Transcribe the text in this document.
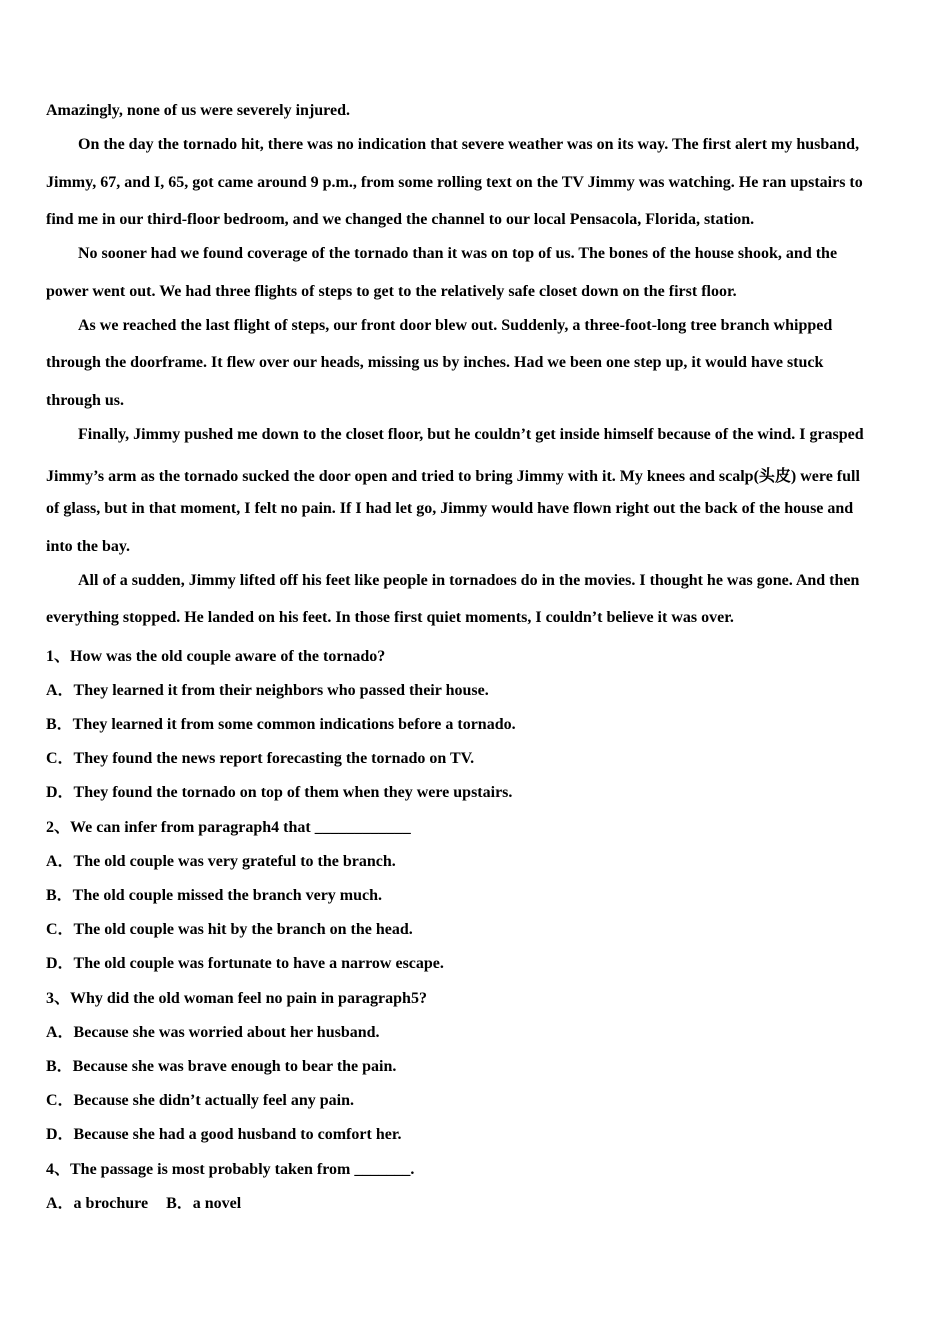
Amazingly, none of us were severely injured.
On the day the tornado hit, there was no indication that severe weather was on its way. The first alert my husband,
Jimmy, 67, and I, 65, got came around 9 p.m., from some rolling text on the TV Jimmy was watching. He ran upstairs to
find me in our third-floor bedroom, and we changed the channel to our local Pensacola, Florida, station.
No sooner had we found coverage of the tornado than it was on top of us. The bones of the house shook, and the
power went out. We had three flights of steps to get to the relatively safe closet down on the first floor.
As we reached the last flight of steps, our front door blew out. Suddenly, a three-foot-long tree branch whipped
through the doorframe. It flew over our heads, missing us by inches. Had we been one step up, it would have stuck
through us.
Finally, Jimmy pushed me down to the closet floor, but he couldn’t get inside himself because of the wind. I grasped
Jimmy’s arm as the tornado sucked the door open and tried to bring Jimmy with it. My knees and scalp(头皮) were full
of glass, but in that moment, I felt no pain. If I had let go, Jimmy would have flown right out the back of the house and
into the bay.
All of a sudden, Jimmy lifted off his feet like people in tornadoes do in the movies. I thought he was gone. And then
everything stopped. He landed on his feet. In those first quiet moments, I couldn’t believe it was over.
1、How was the old couple aware of the tornado?
A．They learned it from their neighbors who passed their house.
B．They learned it from some common indications before a tornado.
C．They found the news report forecasting the tornado on TV.
D．They found the tornado on top of them when they were upstairs.
2、We can infer from paragraph4 that ____________
A．The old couple was very grateful to the branch.
B．The old couple missed the branch very much.
C．The old couple was hit by the branch on the head.
D．The old couple was fortunate to have a narrow escape.
3、Why did the old woman feel no pain in paragraph5?
A．Because she was worried about her husband.
B．Because she was brave enough to bear the pain.
C．Because she didn’t actually feel any pain.
D．Because she had a good husband to comfort her.
4、The passage is most probably taken from _______.
A．a brochure B．a novel
